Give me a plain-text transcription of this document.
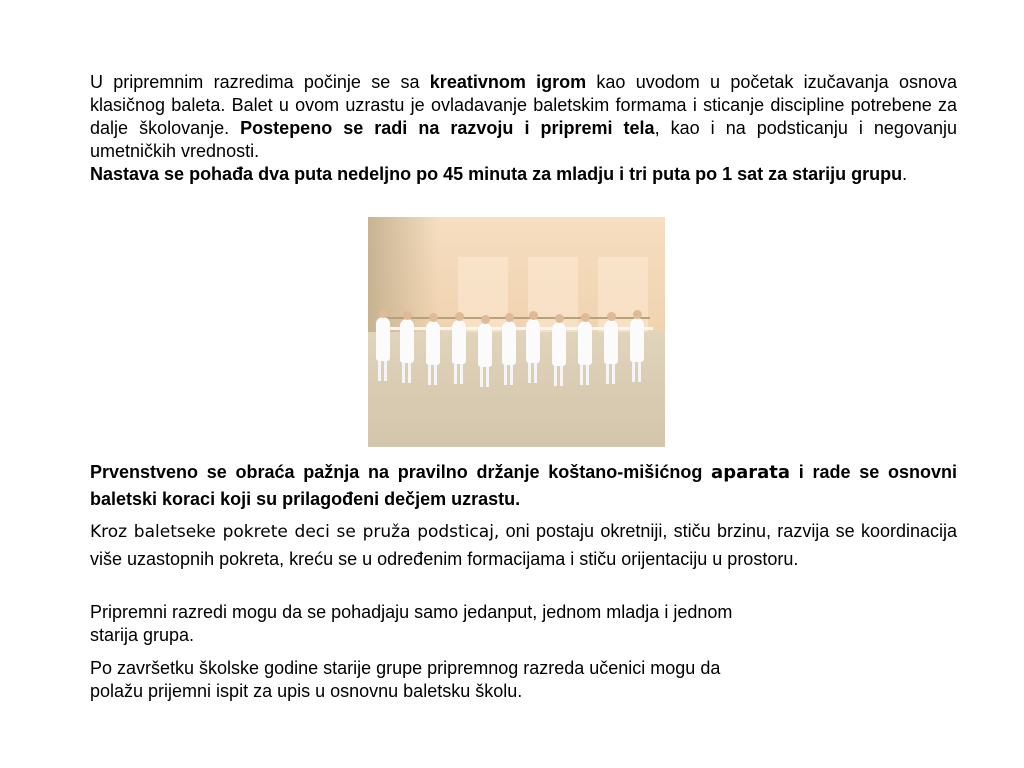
U pripremnim razredima počinje se sa kreativnom igrom kao uvodom u početak izučavanja osnova klasičnog baleta. Balet u ovom uzrastu je ovladavanje baletskim formama i sticanje discipline potrebene za dalje školovanje. Postepeno se radi na razvoju i pripremi tela, kao i na podsticanju i negovanju umetničkih vrednosti.
Nastava se pohađa dva puta nedeljno po 45 minuta za mladju i tri puta po 1 sat za stariju grupu.
Prvenstveno se obraća pažnja na pravilno držanje koštano-mišićnog aparata i rade se osnovni baletski koraci koji su prilagođeni dečjem uzrastu.
Kroz baletseke pokrete deci se pruža podsticaj, oni postaju okretniji, stiču brzinu, razvija se koordinacija više uzastopnih pokreta, kreću se u određenim formacijama i stiču orijentaciju u prostoru.
Pripremni razredi mogu da se pohadjaju samo jedanput, jednom mladja i jednom
starija grupa.
Po završetku školske godine starije grupe pripremnog razreda učenici mogu da
polažu prijemni ispit za upis u osnovnu baletsku školu.
